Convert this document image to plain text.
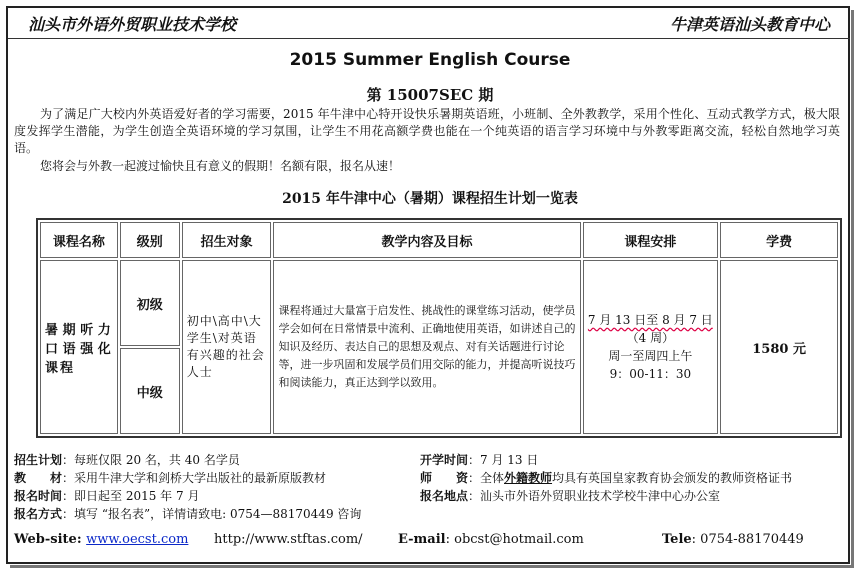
汕头市外语外贸职业技术学校	牛津英语汕头教育中心
2015 Summer English Course
第 15007SEC 期
为了满足广大校内外英语爱好者的学习需要，2015 年牛津中心特开设快乐暑期英语班，小班制、全外教教学，采用个性化、互动式教学方式，极大限度发挥学生潜能，为学生创造全英语环境的学习氛围，让学生不用花高额学费也能在一个纯英语的语言学习环境中与外教零距离交流，轻松自然地学习英语。
您将会与外教一起渡过愉快且有意义的假期！名额有限，报名从速！
2015 年牛津中心（暑期）课程招生计划一览表
课程名称	级别	招生对象	教学内容及目标	课程安排	学费
暑期听力口语强化课程	初级	初中\高中\大学生\对英语有兴趣的社会人士	课程将通过大量富于启发性、挑战性的课堂练习活动，使学员学会如何在日常情景中流利、正确地使用英语，如讲述自己的知识及经历、表达自己的思想及观点、对有关话题进行讨论等，进一步巩固和发展学员们用交际的能力，并提高听说技巧和阅读能力，真正达到学以致用。	7 月 13 日至 8 月 7 日
（4 周）
周一至周四上午
9：00-11：30	1580 元
	中级				
招生计划：每班仅限 20 名，共 40 名学员
教　　材：采用牛津大学和剑桥大学出版社的最新原版教材
报名时间：即日起至 2015 年 7 月
报名方式：填写 “报名表”，详情请致电: 0754—88170449 咨询
开学时间：7 月 13 日
师　　资：全体外籍教师均具有英国皇家教育协会颁发的教师资格证书
报名地点：汕头市外语外贸职业技术学校牛津中心办公室
Web-site: www.oecst.com http://www.stftas.com/	E-mail: obcst@hotmail.com	Tele: 0754-88170449
